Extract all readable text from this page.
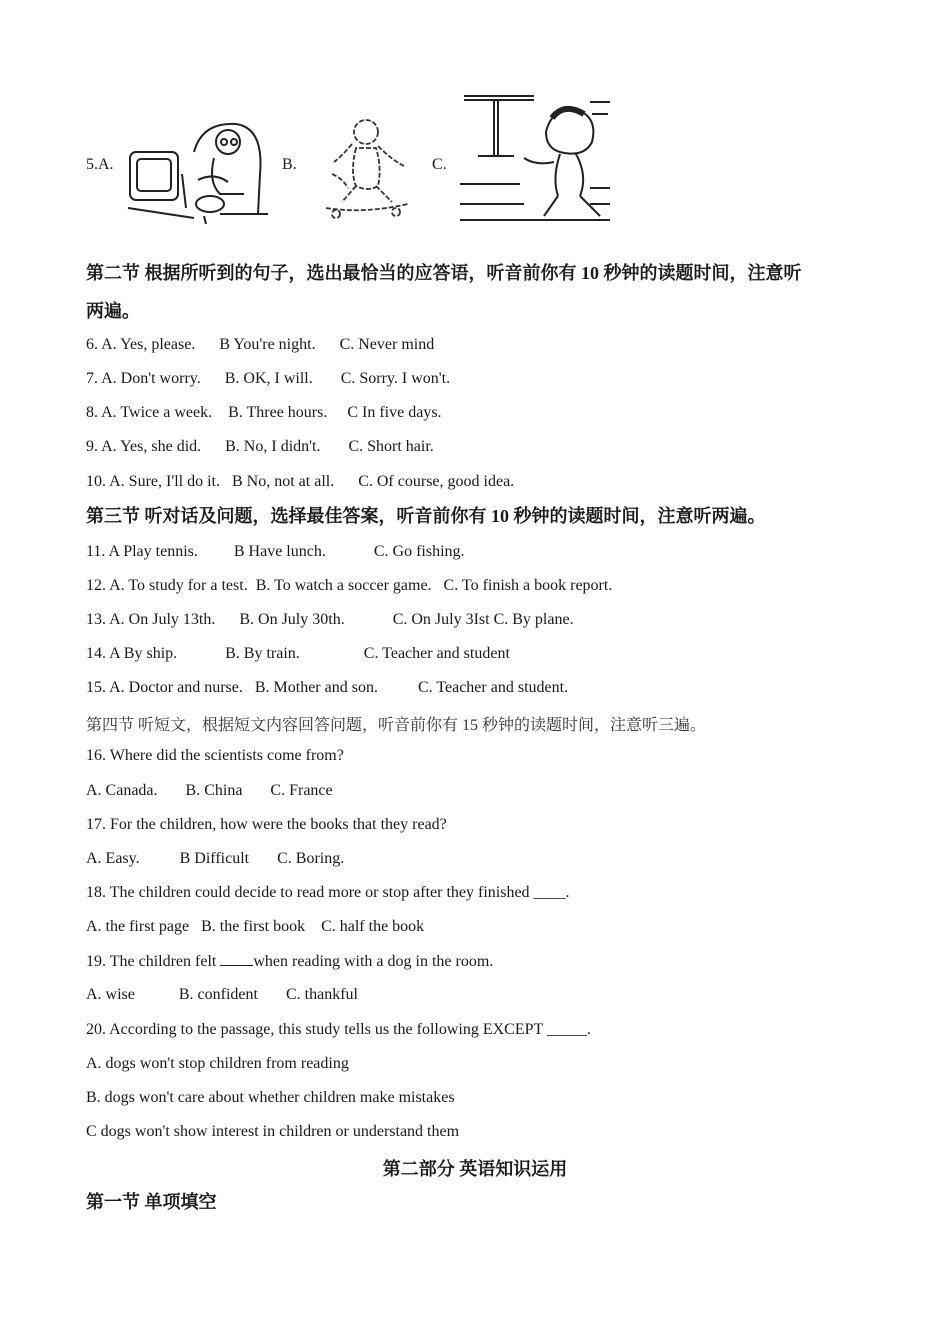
5.A.	B.	C.
第二节 根据所听到的句子，选出最恰当的应答语，听音前你有 10 秒钟的读题时间，注意听
两遍。
6. A. Yes, please.      B You're night.      C. Never mind
7. A. Don't worry.      B. OK, I will.       C. Sorry. I won't.
8. A. Twice a week.    B. Three hours.     C In five days.
9. A. Yes, she did.      B. No, I didn't.       C. Short hair.
10. A. Sure, I'll do it.   B No, not at all.      C. Of course, good idea.
第三节 听对话及问题，选择最佳答案，听音前你有 10 秒钟的读题时间，注意听两遍。
11. A Play tennis.         B Have lunch.            C. Go fishing.
12. A. To study for a test.  B. To watch a soccer game.   C. To finish a book report.
13. A. On July 13th.      B. On July 30th.            C. On July 3Ist C. By plane.
14. A By ship.            B. By train.                C. Teacher and student
15. A. Doctor and nurse.   B. Mother and son.          C. Teacher and student.
第四节 听短文，根据短文内容回答问题，听音前你有 15 秒钟的读题时间，注意听三遍。
16. Where did the scientists come from?
A. Canada.       B. China       C. France
17. For the children, how were the books that they read?
A. Easy.          B Difficult       C. Boring.
18. The children could decide to read more or stop after they finished ____.
A. the first page   B. the first book    C. half the book
19. The children felt when reading with a dog in the room.
A. wise           B. confident       C. thankful
20. According to the passage, this study tells us the following EXCEPT _____.
A. dogs won't stop children from reading
B. dogs won't care about whether children make mistakes
C dogs won't show interest in children or understand them
第二部分 英语知识运用
第一节 单项填空
